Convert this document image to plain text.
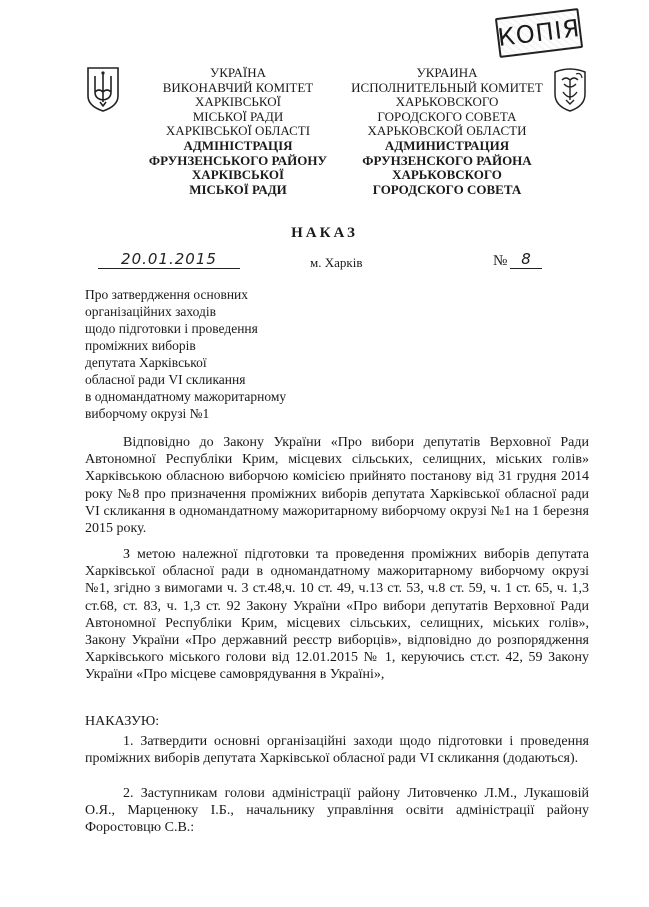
КОПІЯ
УКРАЇНА
ВИКОНАВЧИЙ КОМІТЕТ
ХАРКІВСЬКОЇ
МІСЬКОЇ РАДИ
ХАРКІВСЬКОЇ ОБЛАСТІ
АДМІНІСТРАЦІЯ
ФРУНЗЕНСЬКОГО РАЙОНУ
ХАРКІВСЬКОЇ
МІСЬКОЇ РАДИ
УКРАИНА
ИСПОЛНИТЕЛЬНЫЙ КОМИТЕТ
ХАРЬКОВСКОГО
ГОРОДСКОГО СОВЕТА
ХАРЬКОВСКОЙ ОБЛАСТИ
АДМИНИСТРАЦИЯ
ФРУНЗЕНСКОГО РАЙОНА
ХАРЬКОВСКОГО
ГОРОДСКОГО СОВЕТА
НАКАЗ
20.01.2015	м. Харків	№ 8
Про затвердження основних
організаційних заходів
щодо підготовки і проведення
проміжних виборів
депутата Харківської
обласної ради VI скликання
в одномандатному мажоритарному
виборчому окрузі №1
Відповідно до Закону України «Про вибори депутатів Верховної Ради Автономної Республіки Крим, місцевих сільських, селищних, міських голів» Харківською обласною виборчою комісією прийнято постанову від 31 грудня 2014 року №8 про призначення проміжних виборів депутата Харківської обласної ради VI скликання в одномандатному мажоритарному виборчому окрузі №1 на 1 березня 2015 року.
З метою належної підготовки та проведення проміжних виборів депутата Харківської обласної ради в одномандатному мажоритарному виборчому окрузі №1, згідно з вимогами ч. 3 ст.48,ч. 10 ст. 49, ч.13 ст. 53, ч.8 ст. 59, ч. 1 ст. 65, ч. 1,3 ст.68, ст. 83, ч. 1,3 ст. 92 Закону України «Про вибори депутатів Верховної Ради Автономної Республіки Крим, місцевих сільських, селищних, міських голів», Закону України «Про державний реєстр виборців», відповідно до розпорядження Харківського міського голови від 12.01.2015 № 1, керуючись ст.ст. 42, 59 Закону України «Про місцеве самоврядування в Україні»,
НАКАЗУЮ:
1. Затвердити основні організаційні заходи щодо підготовки і проведення проміжних виборів депутата Харківської обласної ради VI скликання (додаються).
2. Заступникам голови адміністрації району Литовченко Л.М., Лукашовій О.Я., Марценюку І.Б., начальнику управління освіти адміністрації району Форостовцю С.В.:
